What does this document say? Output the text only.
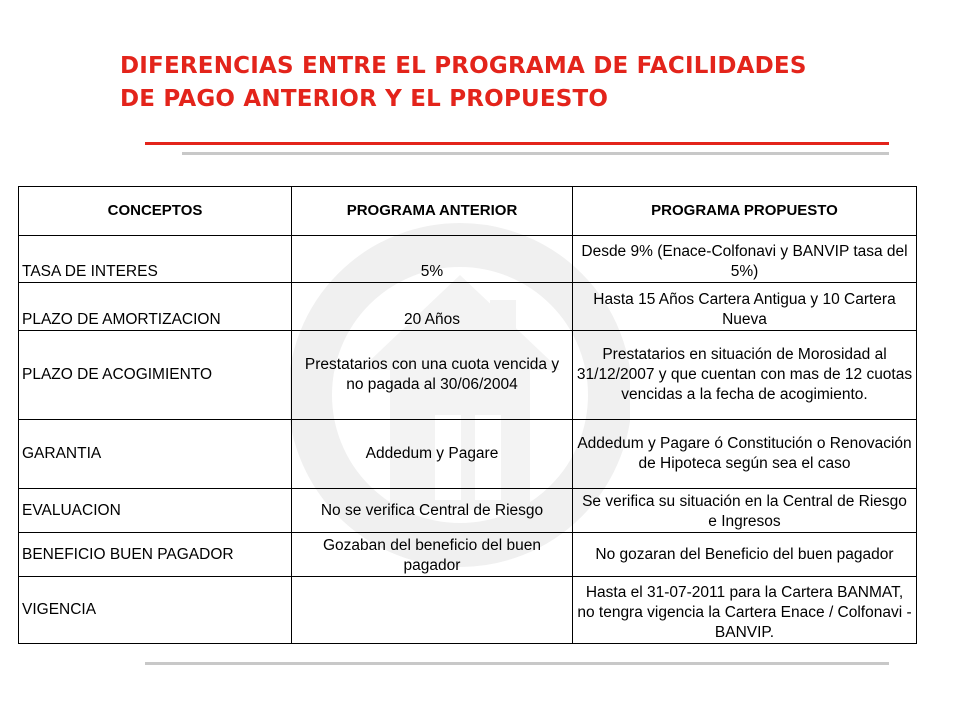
DIFERENCIAS ENTRE EL PROGRAMA DE FACILIDADES
DE PAGO ANTERIOR Y EL PROPUESTO
CONCEPTOS	PROGRAMA ANTERIOR	PROGRAMA PROPUESTO
TASA DE INTERES	5%	Desde 9% (Enace-Colfonavi y BANVIP tasa del 5%)
PLAZO DE AMORTIZACION	20 Años	Hasta 15 Años Cartera Antigua y 10 Cartera Nueva
PLAZO DE ACOGIMIENTO	Prestatarios con una cuota vencida y no pagada al 30/06/2004	Prestatarios en situación de Morosidad al 31/12/2007 y que cuentan con mas de 12 cuotas vencidas a la fecha de acogimiento.
GARANTIA	Addedum y Pagare	Addedum y Pagare ó Constitución o Renovación de Hipoteca según sea el caso
EVALUACION	No se verifica Central de Riesgo	Se verifica su situación en la Central de Riesgo e Ingresos
BENEFICIO BUEN PAGADOR	Gozaban del beneficio del buen pagador	No gozaran del Beneficio del buen pagador
VIGENCIA		Hasta el 31-07-2011 para la Cartera BANMAT, no tengra vigencia la Cartera Enace / Colfonavi - BANVIP.
